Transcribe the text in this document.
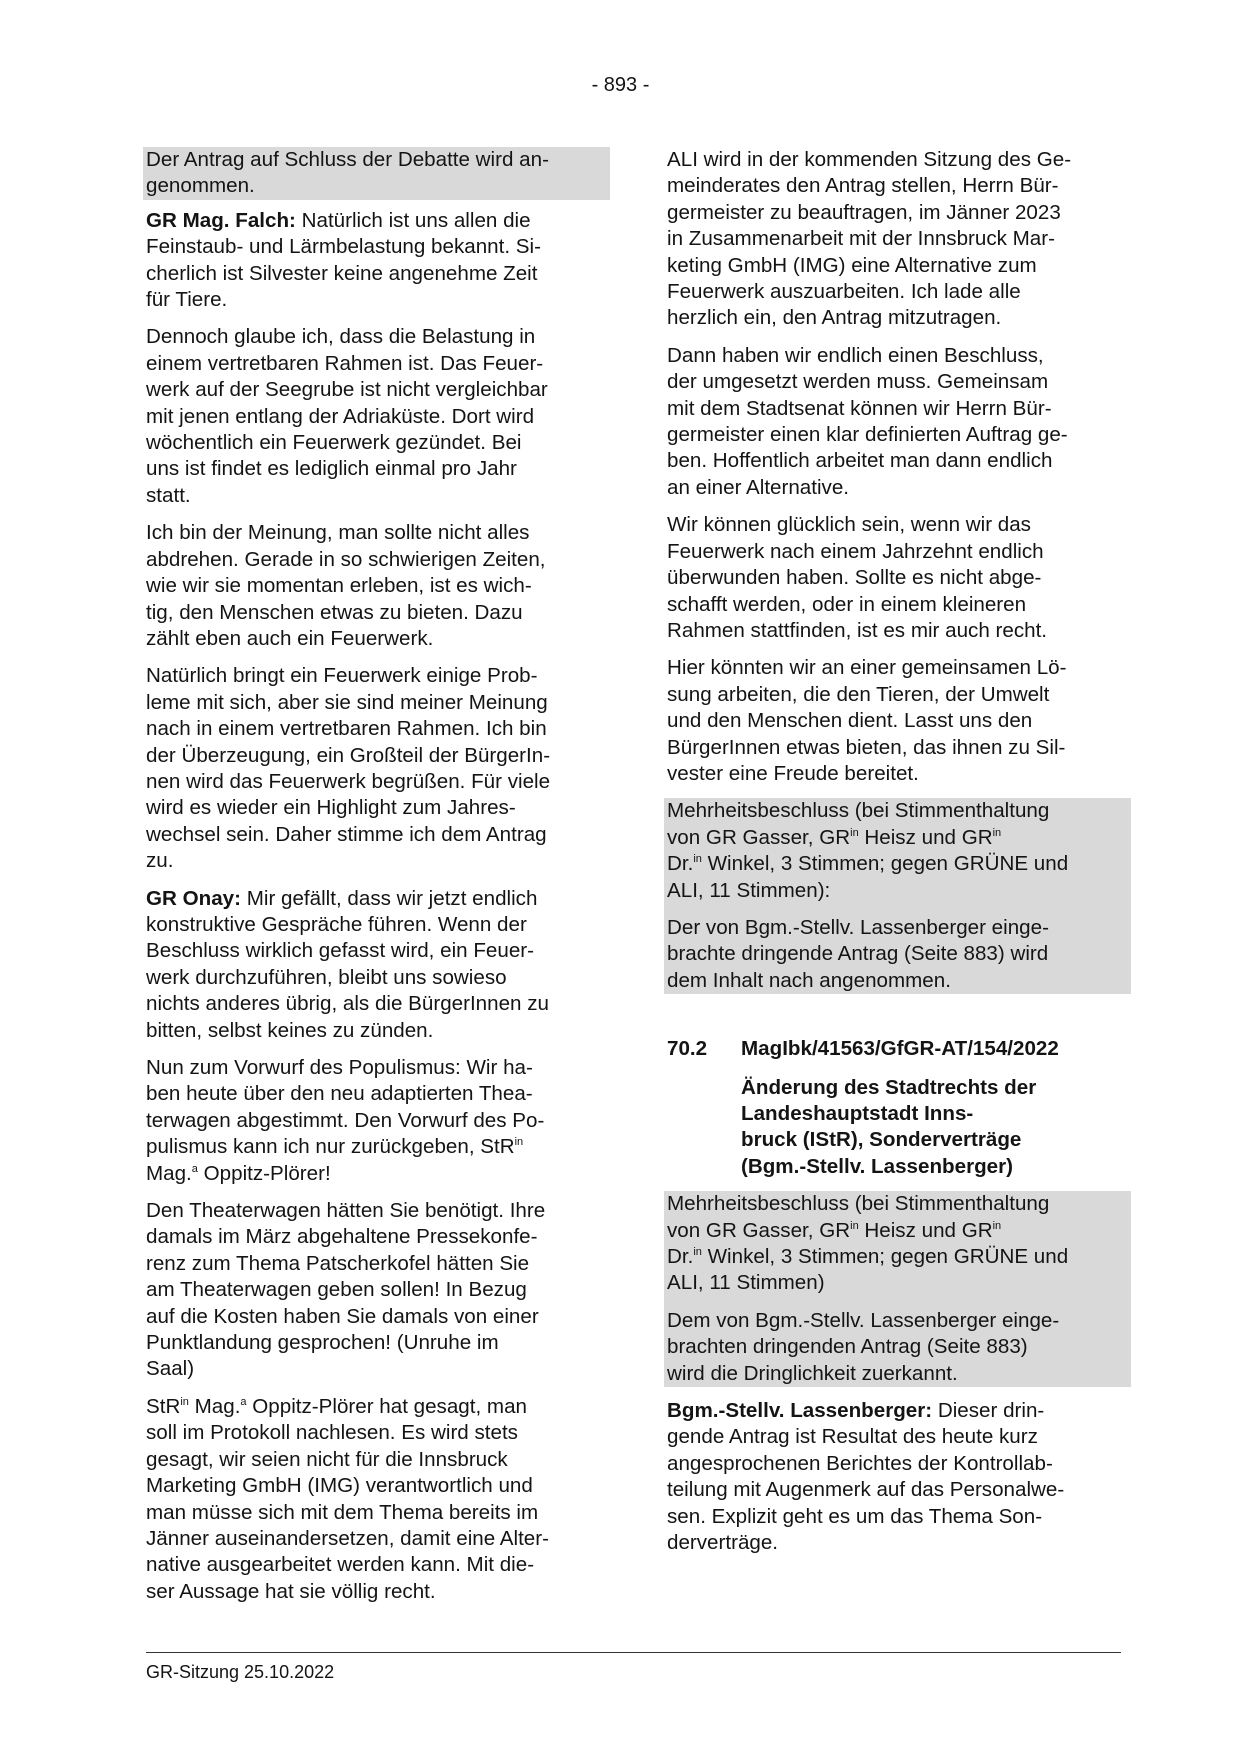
- 893 -
Der Antrag auf Schluss der Debatte wird an-
genommen.

GR Mag. Falch: Natürlich ist uns allen die
Feinstaub- und Lärmbelastung bekannt. Si-
cherlich ist Silvester keine angenehme Zeit
für Tiere.

Dennoch glaube ich, dass die Belastung in
einem vertretbaren Rahmen ist. Das Feuer-
werk auf der Seegrube ist nicht vergleichbar
mit jenen entlang der Adriaküste. Dort wird
wöchentlich ein Feuerwerk gezündet. Bei
uns ist findet es lediglich einmal pro Jahr
statt.

Ich bin der Meinung, man sollte nicht alles
abdrehen. Gerade in so schwierigen Zeiten,
wie wir sie momentan erleben, ist es wich-
tig, den Menschen etwas zu bieten. Dazu
zählt eben auch ein Feuerwerk.

Natürlich bringt ein Feuerwerk einige Prob-
leme mit sich, aber sie sind meiner Meinung
nach in einem vertretbaren Rahmen. Ich bin
der Überzeugung, ein Großteil der BürgerIn-
nen wird das Feuerwerk begrüßen. Für viele
wird es wieder ein Highlight zum Jahres-
wechsel sein. Daher stimme ich dem Antrag
zu.

GR Onay: Mir gefällt, dass wir jetzt endlich
konstruktive Gespräche führen. Wenn der
Beschluss wirklich gefasst wird, ein Feuer-
werk durchzuführen, bleibt uns sowieso
nichts anderes übrig, als die BürgerInnen zu
bitten, selbst keines zu zünden.

Nun zum Vorwurf des Populismus: Wir ha-
ben heute über den neu adaptierten Thea-
terwagen abgestimmt. Den Vorwurf des Po-
pulismus kann ich nur zurückgeben, StR$^{in}$
Mag.$^a$ Oppitz-Plörer!

Den Theaterwagen hätten Sie benötigt. Ihre
damals im März abgehaltene Pressekonfe-
renz zum Thema Patscherkofel hätten Sie
am Theaterwagen geben sollen! In Bezug
auf die Kosten haben Sie damals von einer
Punktlandung gesprochen! (Unruhe im
Saal)

StR$^{in}$ Mag.$^a$ Oppitz-Plörer hat gesagt, man
soll im Protokoll nachlesen. Es wird stets
gesagt, wir seien nicht für die Innsbruck
Marketing GmbH (IMG) verantwortlich und
man müsse sich mit dem Thema bereits im
Jänner auseinandersetzen, damit eine Alter-
native ausgearbeitet werden kann. Mit die-
ser Aussage hat sie völlig recht.

ALI wird in der kommenden Sitzung des Ge-
meinderates den Antrag stellen, Herrn Bür-
germeister zu beauftragen, im Jänner 2023
in Zusammenarbeit mit der Innsbruck Mar-
keting GmbH (IMG) eine Alternative zum
Feuerwerk auszuarbeiten. Ich lade alle
herzlich ein, den Antrag mitzutragen.

Dann haben wir endlich einen Beschluss,
der umgesetzt werden muss. Gemeinsam
mit dem Stadtsenat können wir Herrn Bür-
germeister einen klar definierten Auftrag ge-
ben. Hoffentlich arbeitet man dann endlich
an einer Alternative.

Wir können glücklich sein, wenn wir das
Feuerwerk nach einem Jahrzehnt endlich
überwunden haben. Sollte es nicht abge-
schafft werden, oder in einem kleineren
Rahmen stattfinden, ist es mir auch recht.

Hier könnten wir an einer gemeinsamen Lö-
sung arbeiten, die den Tieren, der Umwelt
und den Menschen dient. Lasst uns den
BürgerInnen etwas bieten, das ihnen zu Sil-
vester eine Freude bereitet.

Mehrheitsbeschluss (bei Stimmenthaltung
von GR Gasser, $GR^{in}$ Heisz und $GR^{in}$
Dr.$^{in}$ Winkel, 3 Stimmen; gegen GRÜNE und
ALI, 11 Stimmen):

Der von Bgm.-Stellv. Lassenberger einge-
brachte dringende Antrag (Seite 883) wird
dem Inhalt nach angenommen.

70.2	MagIbk/41563/GfGR-AT/154/2022
Änderung des Stadtrechts der
Landeshauptstadt Inns-
bruck (IStR), Sonderverträge
(Bgm.-Stellv. Lassenberger)

Mehrheitsbeschluss (bei Stimmenthaltung
von GR Gasser, $GR^{in}$ Heisz und $GR^{in}$
Dr.$^{in}$ Winkel, 3 Stimmen; gegen GRÜNE und
ALI, 11 Stimmen)

Dem von Bgm.-Stellv. Lassenberger einge-
brachten dringenden Antrag (Seite 883)
wird die Dringlichkeit zuerkannt.

Bgm.-Stellv. Lassenberger: Dieser drin-
gende Antrag ist Resultat des heute kurz
angesprochenen Berichtes der Kontrollab-
teilung mit Augenmerk auf das Personalwe-
sen. Explizit geht es um das Thema Son-
derverträge.

GR-Sitzung 25.10.2022
